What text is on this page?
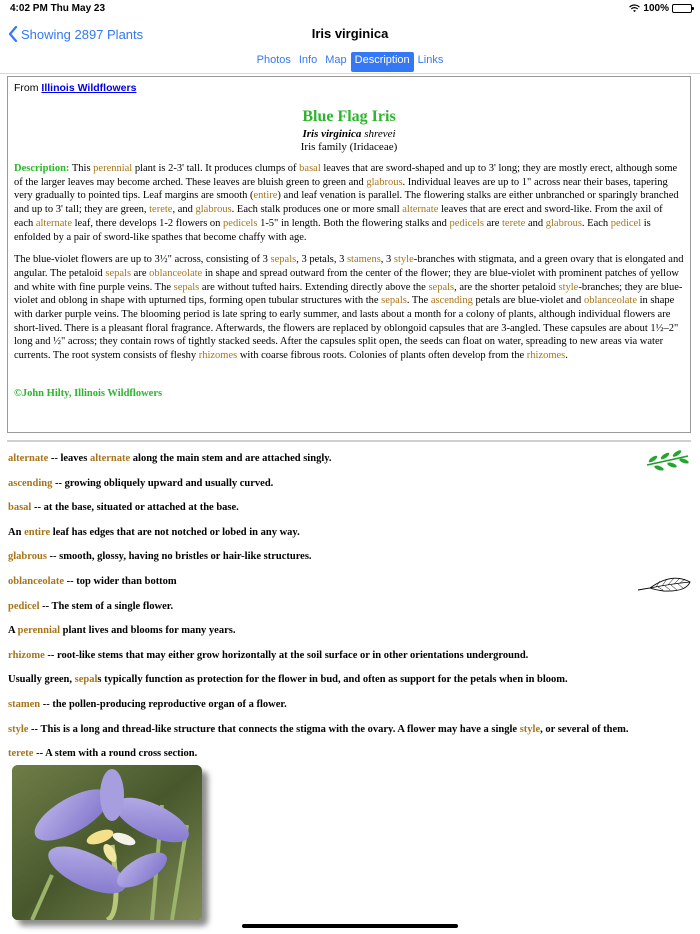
4:02 PM Thu May 23	100%
Showing 2897 Plants	Iris virginica
Photos Info Map Description Links
From Illinois Wildflowers
Blue Flag Iris
Iris virginica shrevei
Iris family (Iridaceae)
Description: This perennial plant is 2-3' tall. It produces clumps of basal leaves that are sword-shaped and up to 3' long; they are mostly erect, although some of the larger leaves may become arched. These leaves are bluish green to green and glabrous. Individual leaves are up to 1" across near their bases, tapering very gradually to pointed tips. Leaf margins are smooth (entire) and leaf venation is parallel. The flowering stalks are either unbranched or sparingly branched and up to 3' tall; they are green, terete, and glabrous. Each stalk produces one or more small alternate leaves that are erect and sword-like. From the axil of each alternate leaf, there develops 1-2 flowers on pedicels 1-5" in length. Both the flowering stalks and pedicels are terete and glabrous. Each pedicel is enfolded by a pair of sword-like spathes that become chaffy with age.
The blue-violet flowers are up to 3½" across, consisting of 3 sepals, 3 petals, 3 stamens, 3 style-branches with stigmata, and a green ovary that is elongated and angular. The petaloid sepals are oblanceolate in shape and spread outward from the center of the flower; they are blue-violet with prominent patches of yellow and white with fine purple veins. The sepals are without tufted hairs. Extending directly above the sepals, are the shorter petaloid style-branches; they are blue-violet and oblong in shape with upturned tips, forming open tubular structures with the sepals. The ascending petals are blue-violet and oblanceolate in shape with darker purple veins. The blooming period is late spring to early summer, and lasts about a month for a colony of plants, although individual flowers are short-lived. There is a pleasant floral fragrance. Afterwards, the flowers are replaced by oblongoid capsules that are 3-angled. These capsules are about 1½–2" long and ½" across; they contain rows of tightly stacked seeds. After the capsules split open, the seeds can float on water, spreading to new areas via water currents. The root system consists of fleshy rhizomes with coarse fibrous roots. Colonies of plants often develop from the rhizomes.
©John Hilty, Illinois Wildflowers
alternate -- leaves alternate along the main stem and are attached singly.
ascending -- growing obliquely upward and usually curved.
basal -- at the base, situated or attached at the base.
An entire leaf has edges that are not notched or lobed in any way.
glabrous -- smooth, glossy, having no bristles or hair-like structures.
oblanceolate -- top wider than bottom
pedicel -- The stem of a single flower.
A perennial plant lives and blooms for many years.
rhizome -- root-like stems that may either grow horizontally at the soil surface or in other orientations underground.
Usually green, sepals typically function as protection for the flower in bud, and often as support for the petals when in bloom.
stamen -- the pollen-producing reproductive organ of a flower.
style -- This is a long and thread-like structure that connects the stigma with the ovary. A flower may have a single style, or several of them.
terete -- A stem with a round cross section.
